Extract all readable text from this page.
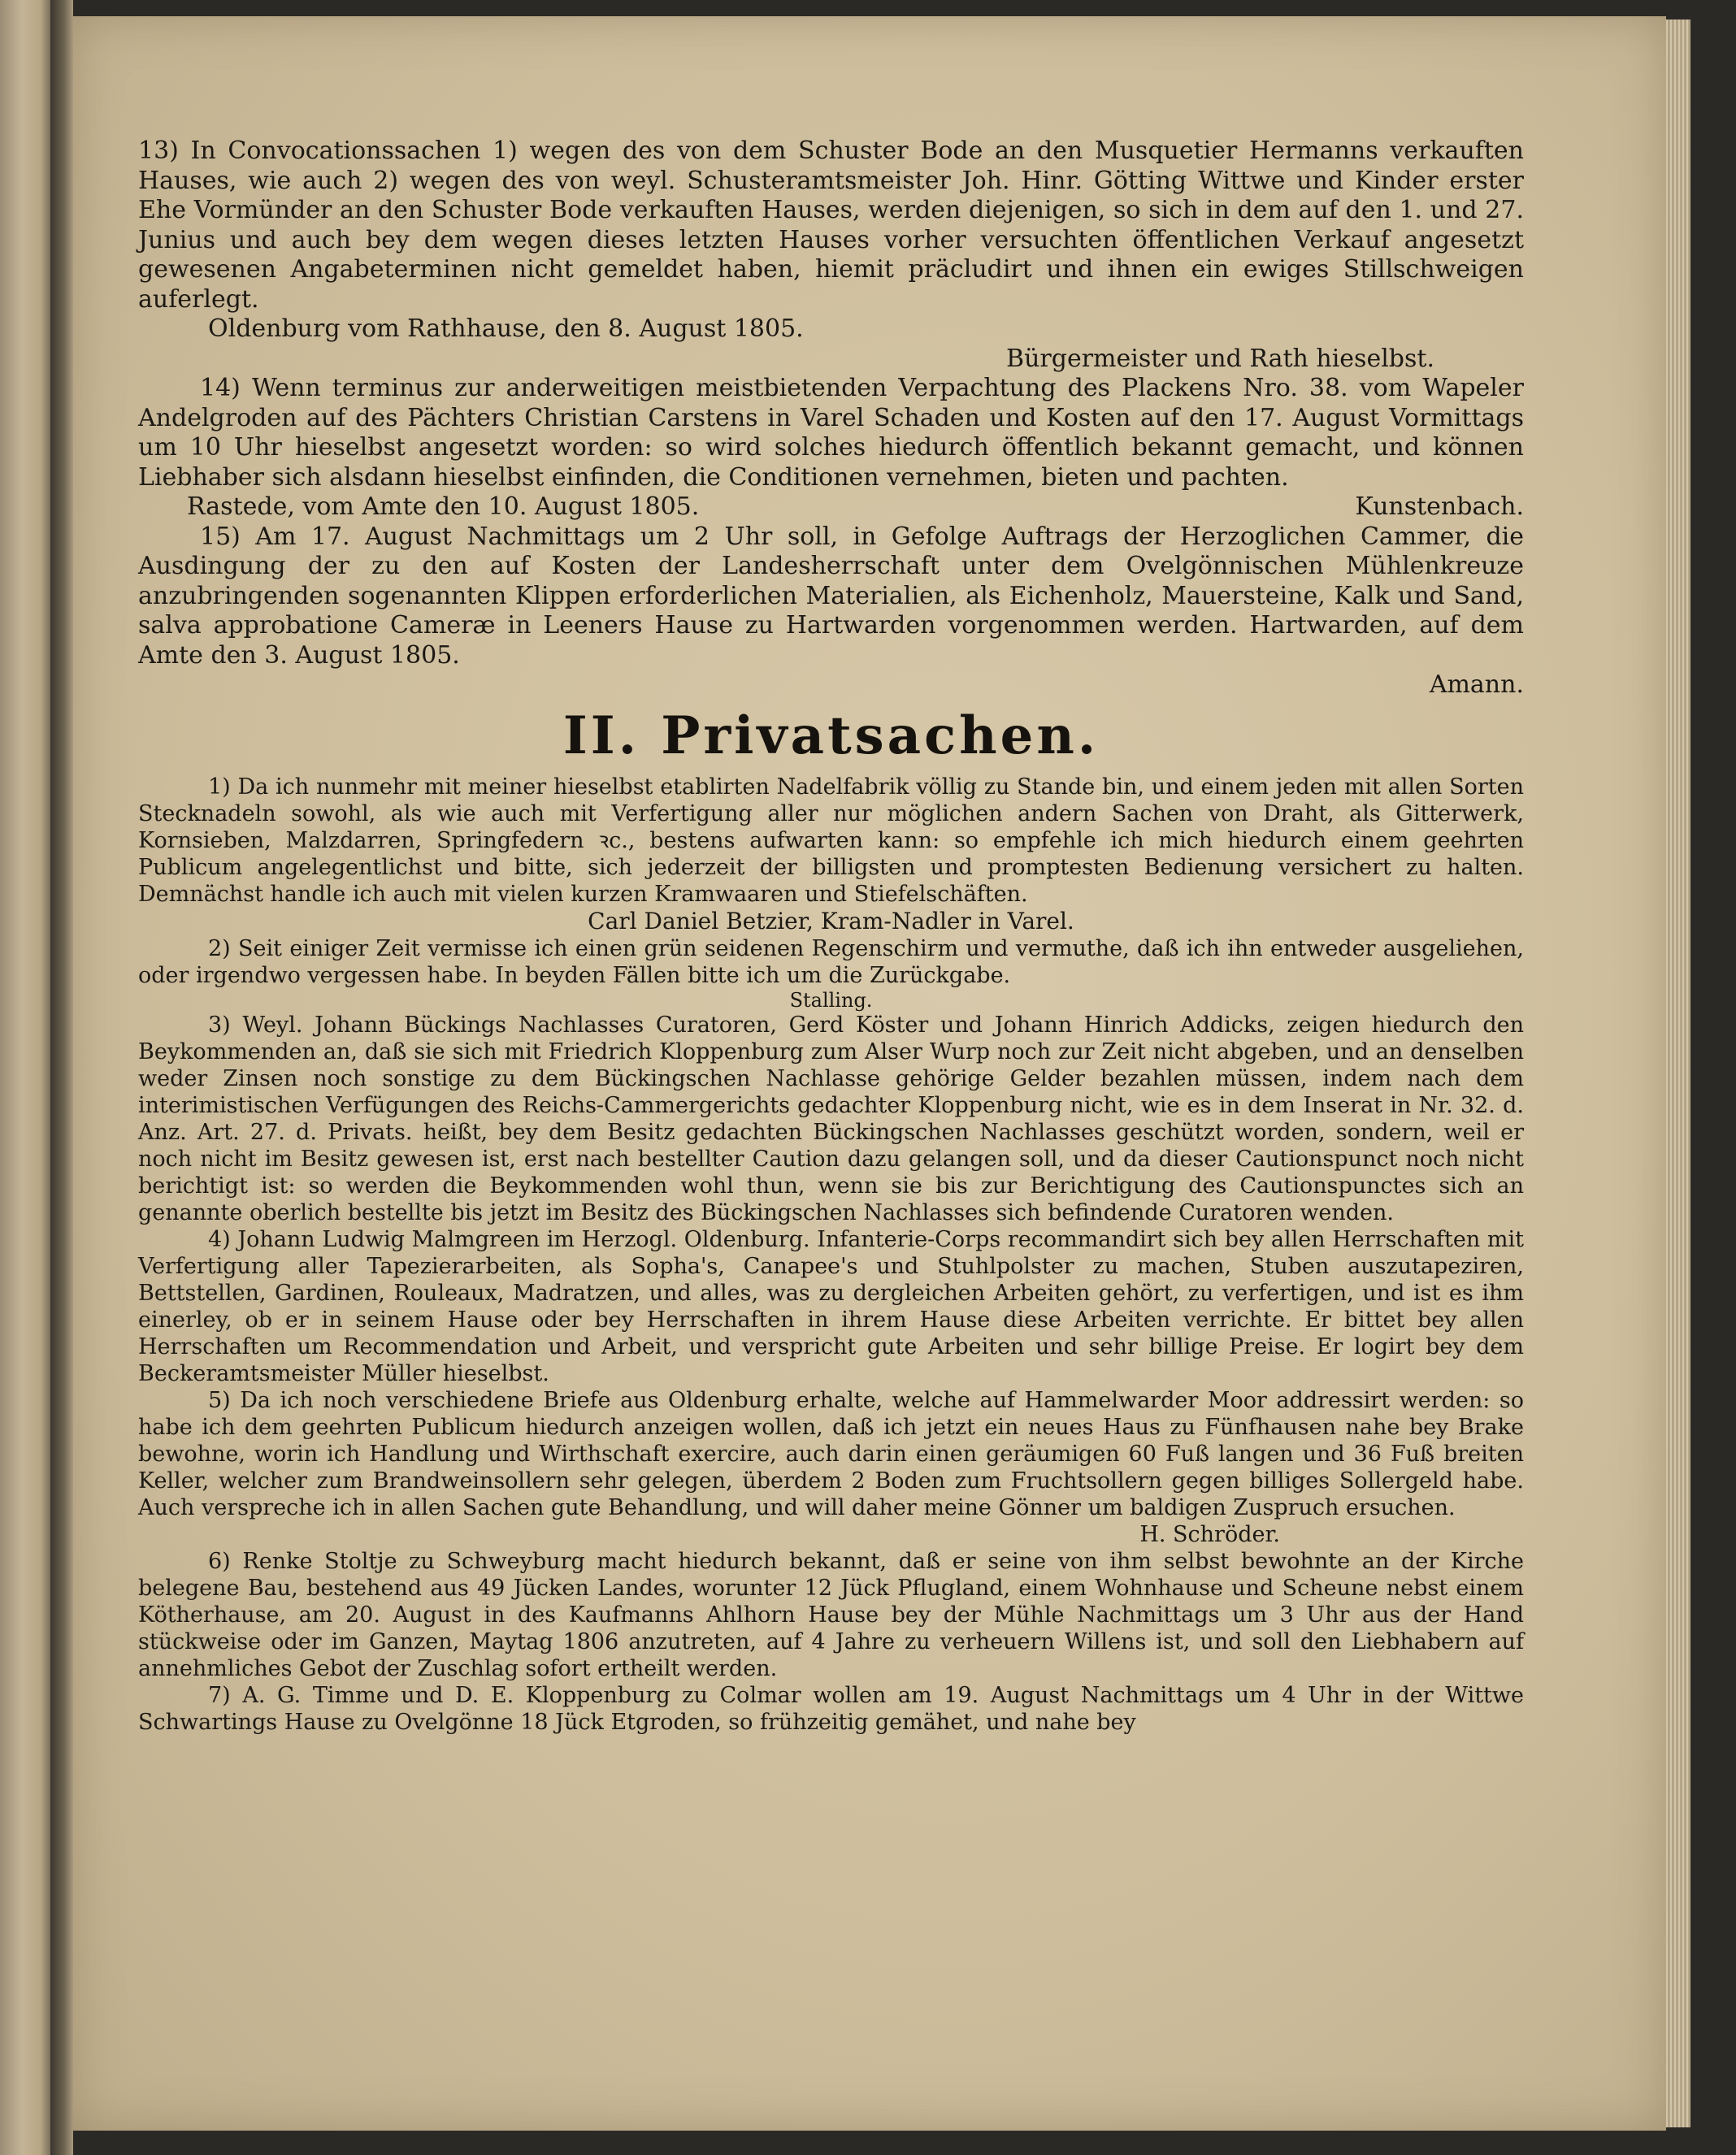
13) In Convocationssachen 1) wegen des von dem Schuster Bode an den Musquetier Hermanns verkauften Hauses, wie auch 2) wegen des von weyl. Schusteramtsmeister Joh. Hinr. Götting Wittwe und Kinder erster Ehe Vormünder an den Schuster Bode verkauften Hauses, werden diejenigen, so sich in dem auf den 1. und 27. Junius und auch bey dem wegen dieses letzten Hauses vorher versuchten öffentlichen Verkauf angesetzt gewesenen Angabeterminen nicht gemeldet haben, hiemit präcludirt und ihnen ein ewiges Stillschweigen auferlegt.

Oldenburg vom Rathhause, den 8. August 1805.

Bürgermeister und Rath hieselbst.

14) Wenn terminus zur anderweitigen meistbietenden Verpachtung des Plackens Nro. 38. vom Wapeler Andelgroden auf des Pächters Christian Carstens in Varel Schaden und Kosten auf den 17. August Vormittags um 10 Uhr hieselbst angesetzt worden: so wird solches hiedurch öffentlich bekannt gemacht, und können Liebhaber sich alsdann hieselbst einfinden, die Conditionen vernehmen, bieten und pachten.

Rastede, vom Amte den 10. August 1805.	Kunstenbach.

15) Am 17. August Nachmittags um 2 Uhr soll, in Gefolge Auftrags der Herzoglichen Cammer, die Ausdingung der zu den auf Kosten der Landesherrschaft unter dem Ovelgönnischen Mühlenkreuze anzubringenden sogenannten Klippen erforderlichen Materialien, als Eichenholz, Mauersteine, Kalk und Sand, salva approbatione Cameræ in Leeners Hause zu Hartwarden vorgenommen werden. Hartwarden, auf dem Amte den 3. August 1805.

Amann.

II. Privatsachen.

1) Da ich nunmehr mit meiner hieselbst etablirten Nadelfabrik völlig zu Stande bin, und einem jeden mit allen Sorten Stecknadeln sowohl, als wie auch mit Verfertigung aller nur möglichen andern Sachen von Draht, als Gitterwerk, Kornsieben, Malzdarren, Springfedern ꝛc., bestens aufwarten kann: so empfehle ich mich hiedurch einem geehrten Publicum angelegentlichst und bitte, sich jederzeit der billigsten und promptesten Bedienung versichert zu halten. Demnächst handle ich auch mit vielen kurzen Kramwaaren und Stiefelschäften.

Carl Daniel Betzier, Kram-Nadler in Varel.

2) Seit einiger Zeit vermisse ich einen grün seidenen Regenschirm und vermuthe, daß ich ihn entweder ausgeliehen, oder irgendwo vergessen habe. In beyden Fällen bitte ich um die Zurückgabe.

Stalling.

3) Weyl. Johann Bückings Nachlasses Curatoren, Gerd Köster und Johann Hinrich Addicks, zeigen hiedurch den Beykommenden an, daß sie sich mit Friedrich Kloppenburg zum Alser Wurp noch zur Zeit nicht abgeben, und an denselben weder Zinsen noch sonstige zu dem Bückingschen Nachlasse gehörige Gelder bezahlen müssen, indem nach dem interimistischen Verfügungen des Reichs-Cammergerichts gedachter Kloppenburg nicht, wie es in dem Inserat in Nr. 32. d. Anz. Art. 27. d. Privats. heißt, bey dem Besitz gedachten Bückingschen Nachlasses geschützt worden, sondern, weil er noch nicht im Besitz gewesen ist, erst nach bestellter Caution dazu gelangen soll, und da dieser Cautionspunct noch nicht berichtigt ist: so werden die Beykommenden wohl thun, wenn sie bis zur Berichtigung des Cautionspunctes sich an genannte oberlich bestellte bis jetzt im Besitz des Bückingschen Nachlasses sich befindende Curatoren wenden.

4) Johann Ludwig Malmgreen im Herzogl. Oldenburg. Infanterie-Corps recommandirt sich bey allen Herrschaften mit Verfertigung aller Tapezierarbeiten, als Sopha's, Canapee's und Stuhlpolster zu machen, Stuben auszutapeziren, Bettstellen, Gardinen, Rouleaux, Madratzen, und alles, was zu dergleichen Arbeiten gehört, zu verfertigen, und ist es ihm einerley, ob er in seinem Hause oder bey Herrschaften in ihrem Hause diese Arbeiten verrichte. Er bittet bey allen Herrschaften um Recommendation und Arbeit, und verspricht gute Arbeiten und sehr billige Preise. Er logirt bey dem Beckeramtsmeister Müller hieselbst.

5) Da ich noch verschiedene Briefe aus Oldenburg erhalte, welche auf Hammelwarder Moor addressirt werden: so habe ich dem geehrten Publicum hiedurch anzeigen wollen, daß ich jetzt ein neues Haus zu Fünfhausen nahe bey Brake bewohne, worin ich Handlung und Wirthschaft exercire, auch darin einen geräumigen 60 Fuß langen und 36 Fuß breiten Keller, welcher zum Brandweinsollern sehr gelegen, überdem 2 Boden zum Fruchtsollern gegen billiges Sollergeld habe. Auch verspreche ich in allen Sachen gute Behandlung, und will daher meine Gönner um baldigen Zuspruch ersuchen.

H. Schröder.

6) Renke Stoltje zu Schweyburg macht hiedurch bekannt, daß er seine von ihm selbst bewohnte an der Kirche belegene Bau, bestehend aus 49 Jücken Landes, worunter 12 Jück Pflugland, einem Wohnhause und Scheune nebst einem Kötherhause, am 20. August in des Kaufmanns Ahlhorn Hause bey der Mühle Nachmittags um 3 Uhr aus der Hand stückweise oder im Ganzen, Maytag 1806 anzutreten, auf 4 Jahre zu verheuern Willens ist, und soll den Liebhabern auf annehmliches Gebot der Zuschlag sofort ertheilt werden.

7) A. G. Timme und D. E. Kloppenburg zu Colmar wollen am 19. August Nachmittags um 4 Uhr in der Wittwe Schwartings Hause zu Ovelgönne 18 Jück Etgroden, so frühzeitig gemähet, und nahe bey
